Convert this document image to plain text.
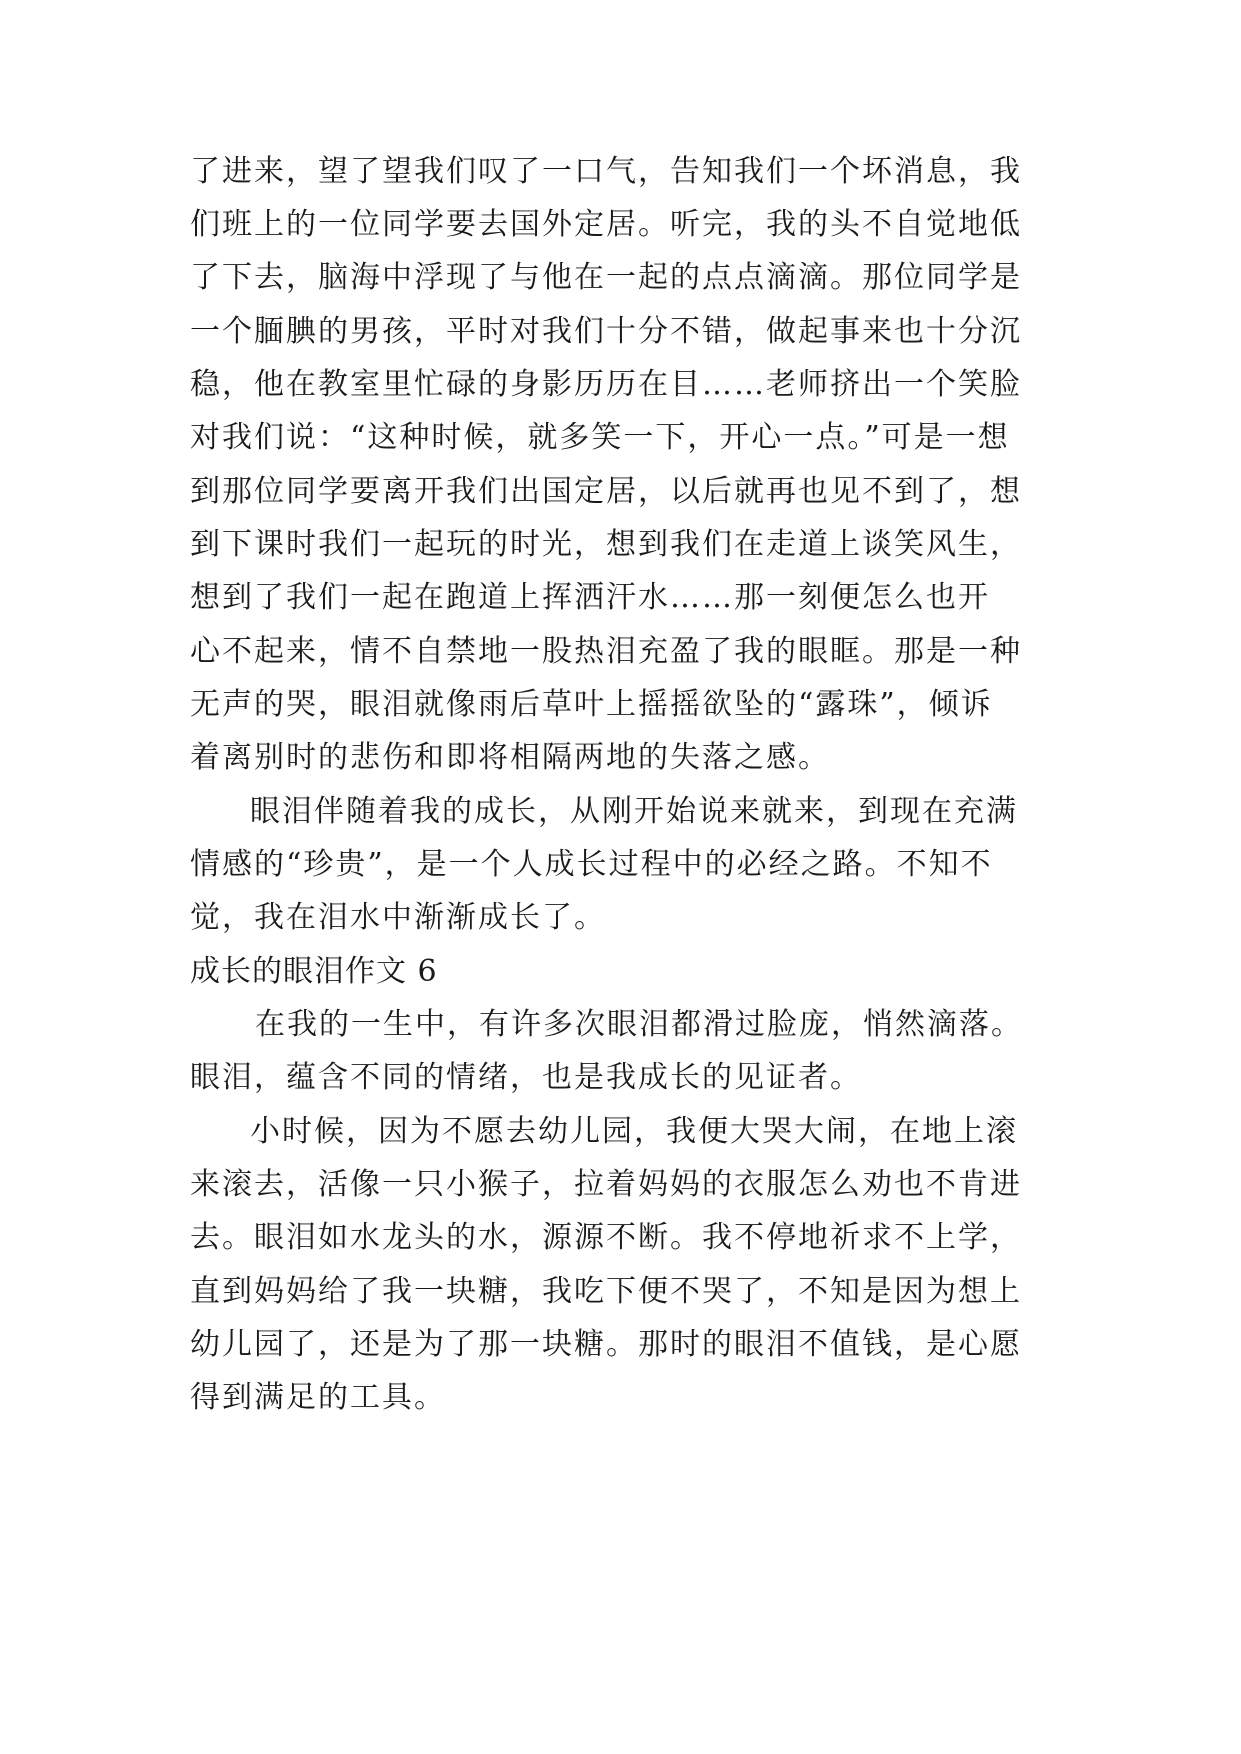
了进来，望了望我们叹了一口气，告知我们一个坏消息，我
们班上的一位同学要去国外定居。听完，我的头不自觉地低
了下去，脑海中浮现了与他在一起的点点滴滴。那位同学是
一个腼腆的男孩，平时对我们十分不错，做起事来也十分沉
稳，他在教室里忙碌的身影历历在目……老师挤出一个笑脸
对我们说：“这种时候，就多笑一下，开心一点。”可是一想
到那位同学要离开我们出国定居，以后就再也见不到了，想
到下课时我们一起玩的时光，想到我们在走道上谈笑风生，
想到了我们一起在跑道上挥洒汗水……那一刻便怎么也开
心不起来，情不自禁地一股热泪充盈了我的眼眶。那是一种
无声的哭，眼泪就像雨后草叶上摇摇欲坠的“露珠”，倾诉
着离别时的悲伤和即将相隔两地的失落之感。
眼泪伴随着我的成长，从刚开始说来就来，到现在充满
情感的“珍贵”，是一个人成长过程中的必经之路。不知不
觉，我在泪水中渐渐成长了。
成长的眼泪作文 6
在我的一生中，有许多次眼泪都滑过脸庞，悄然滴落。
眼泪，蕴含不同的情绪，也是我成长的见证者。
小时候，因为不愿去幼儿园，我便大哭大闹，在地上滚
来滚去，活像一只小猴子，拉着妈妈的衣服怎么劝也不肯进
去。眼泪如水龙头的水，源源不断。我不停地祈求不上学，
直到妈妈给了我一块糖，我吃下便不哭了，不知是因为想上
幼儿园了，还是为了那一块糖。那时的眼泪不值钱，是心愿
得到满足的工具。
